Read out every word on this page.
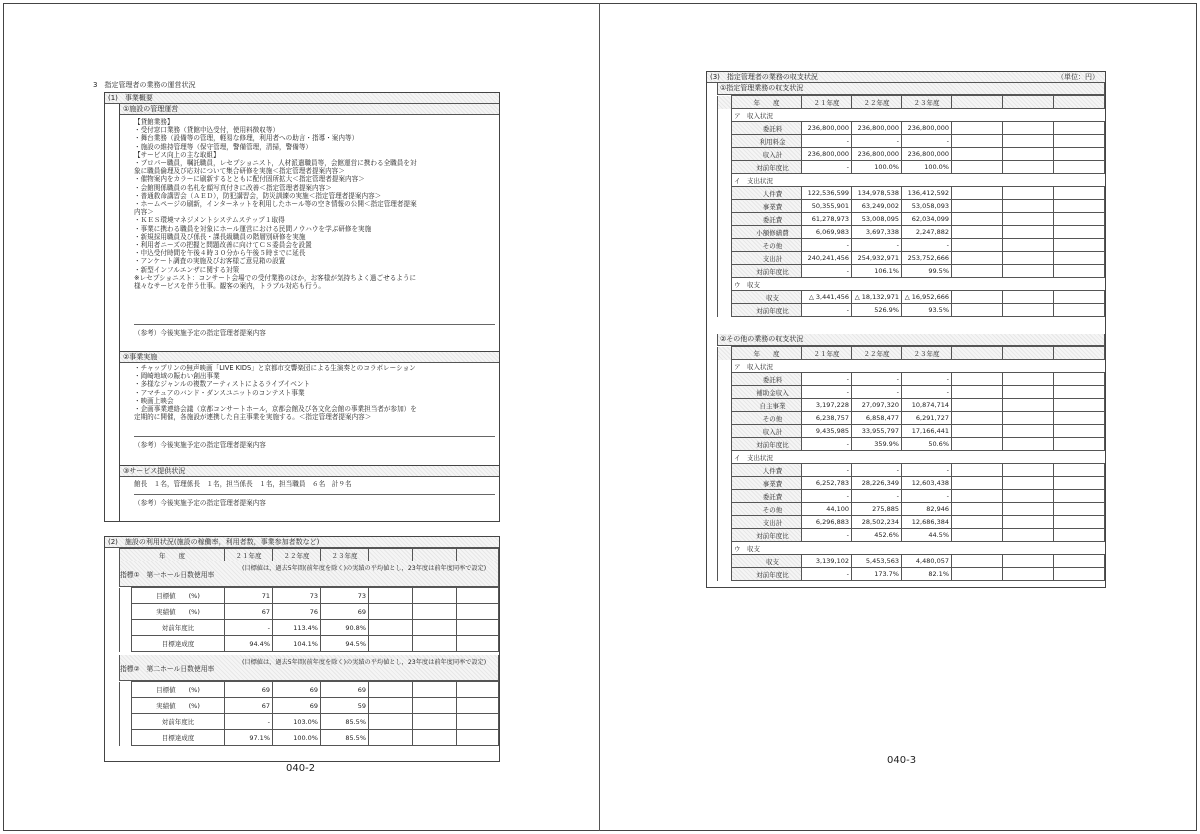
3　指定管理者の業務の運営状況
(1)　事業概要
①施設の管理運営
【貸館業務】
・受付窓口業務（貸館申込受付，使用料徴収等）
・舞台業務（設備等の管理，軽易な修理，利用者への助言・指導・案内等）
・施設の維持管理等（保守管理，警備管理，清掃，警備等）
【サービス向上の主な取組】
・プロパー職員，嘱託職員，レセプショニスト，人材派遣職員等，会館運営に携わる全職員を対
象に職員倫理及び応対について集合研修を実施＜指定管理者提案内容＞
・催物案内をカラーに刷新するとともに配付固所拡大＜指定管理者提案内容＞
・会館関係職員の名札を顔写真付きに改善＜指定管理者提案内容＞
・普通救命講習会（ＡＥＤ），防犯講習会，防災訓練の実施＜指定管理者提案内容＞
・ホームページの刷新，インターネットを利用したホール等の空き情報の公開＜指定管理者提案
内容＞
・ＫＥＳ環境マネジメントシステムステップ１取得
・事業に携わる職員を対象にホール運営における民間ノウハウを学ぶ研修を実施
・新規採用職員及び係長・課長級職員の階層別研修を実施
・利用者ニーズの把握と問題改善に向けてＣＳ委員会を設置
・申込受付時間を午後４時３０分から午後５時までに延長
・アンケート調査の実施及びお客様ご意見箱の設置
・新型インフルエンザに関する対策
※レセプショニスト：コンサート会場での受付業務のほか，お客様が気持ちよく過ごせるように
様々なサービスを伴う仕事。観客の案内，トラブル対応も行う。
（参考）今後実施予定の指定管理者提案内容
②事業実施
・チャップリンの無声映画「LIVE KIDS」と京都市交響楽団による生演奏とのコラボレーション
・岡崎地域の賑わい創出事業
・多様なジャンルの複数アーティストによるライブイベント
・アマチュアのバンド・ダンスユニットのコンテスト事業
・映画上映会
・企画事業連絡会議（京都コンサートホール，京都会館及び各文化会館の事業担当者が参加）を
定期的に開催，各施設が連携した自主事業を実施する。＜指定管理者提案内容＞
（参考）今後実施予定の指定管理者提案内容
③サービス提供状況
館長　１名，管理係長　１名，担当係長　１名，担当職員　６名　計９名
（参考）今後実施予定の指定管理者提案内容
(2)　施設の利用状況(施設の稼働率，利用者数，事業参加者数など)
年　　度	２１年度	２２年度	２３年度			
指標①　第一ホール日数使用率
(目標値は，過去5年間(前年度を除く)の実績の平均値とし，23年度は前年度同率で設定)
	目標値　　(%)	71	73	73			
	実績値　　(%)	67	76	69			
	対前年度比	-	113.4%	90.8%			
	目標達成度	94.4%	104.1%	94.5%			
指標②　第二ホール日数使用率
(目標値は，過去5年間(前年度を除く)の実績の平均値とし，23年度は前年度同率で設定)
	目標値　　(%)	69	69	69			
	実績値　　(%)	67	69	59			
	対前年度比	-	103.0%	85.5%			
	目標達成度	97.1%	100.0%	85.5%			
040-2
(3)　指定管理者の業務の収支状況	（単位：円）
①指定管理業務の収支状況
	年　　度	２１年度	２２年度	２３年度			
	ア　収入状況						
	委託料	236,800,000	236,800,000	236,800,000			
	利用料金	-	-	-			
	収入計	236,800,000	236,800,000	236,800,000			
	対前年度比	-	100.0%	100.0%			
	イ　支出状況						
	人件費	122,536,599	134,978,538	136,412,592			
	事業費	50,355,901	63,249,002	53,058,093			
	委託費	61,278,973	53,008,095	62,034,099			
	小額修繕費	6,069,983	3,697,338	2,247,882			
	その他	-	-	-			
	支出計	240,241,456	254,932,971	253,752,666			
	対前年度比	-	106.1%	99.5%			
	ウ　収支						
	収支	△ 3,441,456	△ 18,132,971	△ 16,952,666			
	対前年度比	-	526.9%	93.5%			
②その他の業務の収支状況
	年　　度	２１年度	２２年度	２３年度			
	ア　収入状況						
	委託料	-	-	-			
	補助金収入	-	-	-			
	自主事業	3,197,228	27,097,320	10,874,714			
	その他	6,238,757	6,858,477	6,291,727			
	収入計	9,435,985	33,955,797	17,166,441			
	対前年度比	-	359.9%	50.6%			
	イ　支出状況						
	人件費	-	-	-			
	事業費	6,252,783	28,226,349	12,603,438			
	委託費	-	-	-			
	その他	44,100	275,885	82,946			
	支出計	6,296,883	28,502,234	12,686,384			
	対前年度比	-	452.6%	44.5%			
	ウ　収支						
	収支	3,139,102	5,453,563	4,480,057			
	対前年度比	-	173.7%	82.1%			
040-3
